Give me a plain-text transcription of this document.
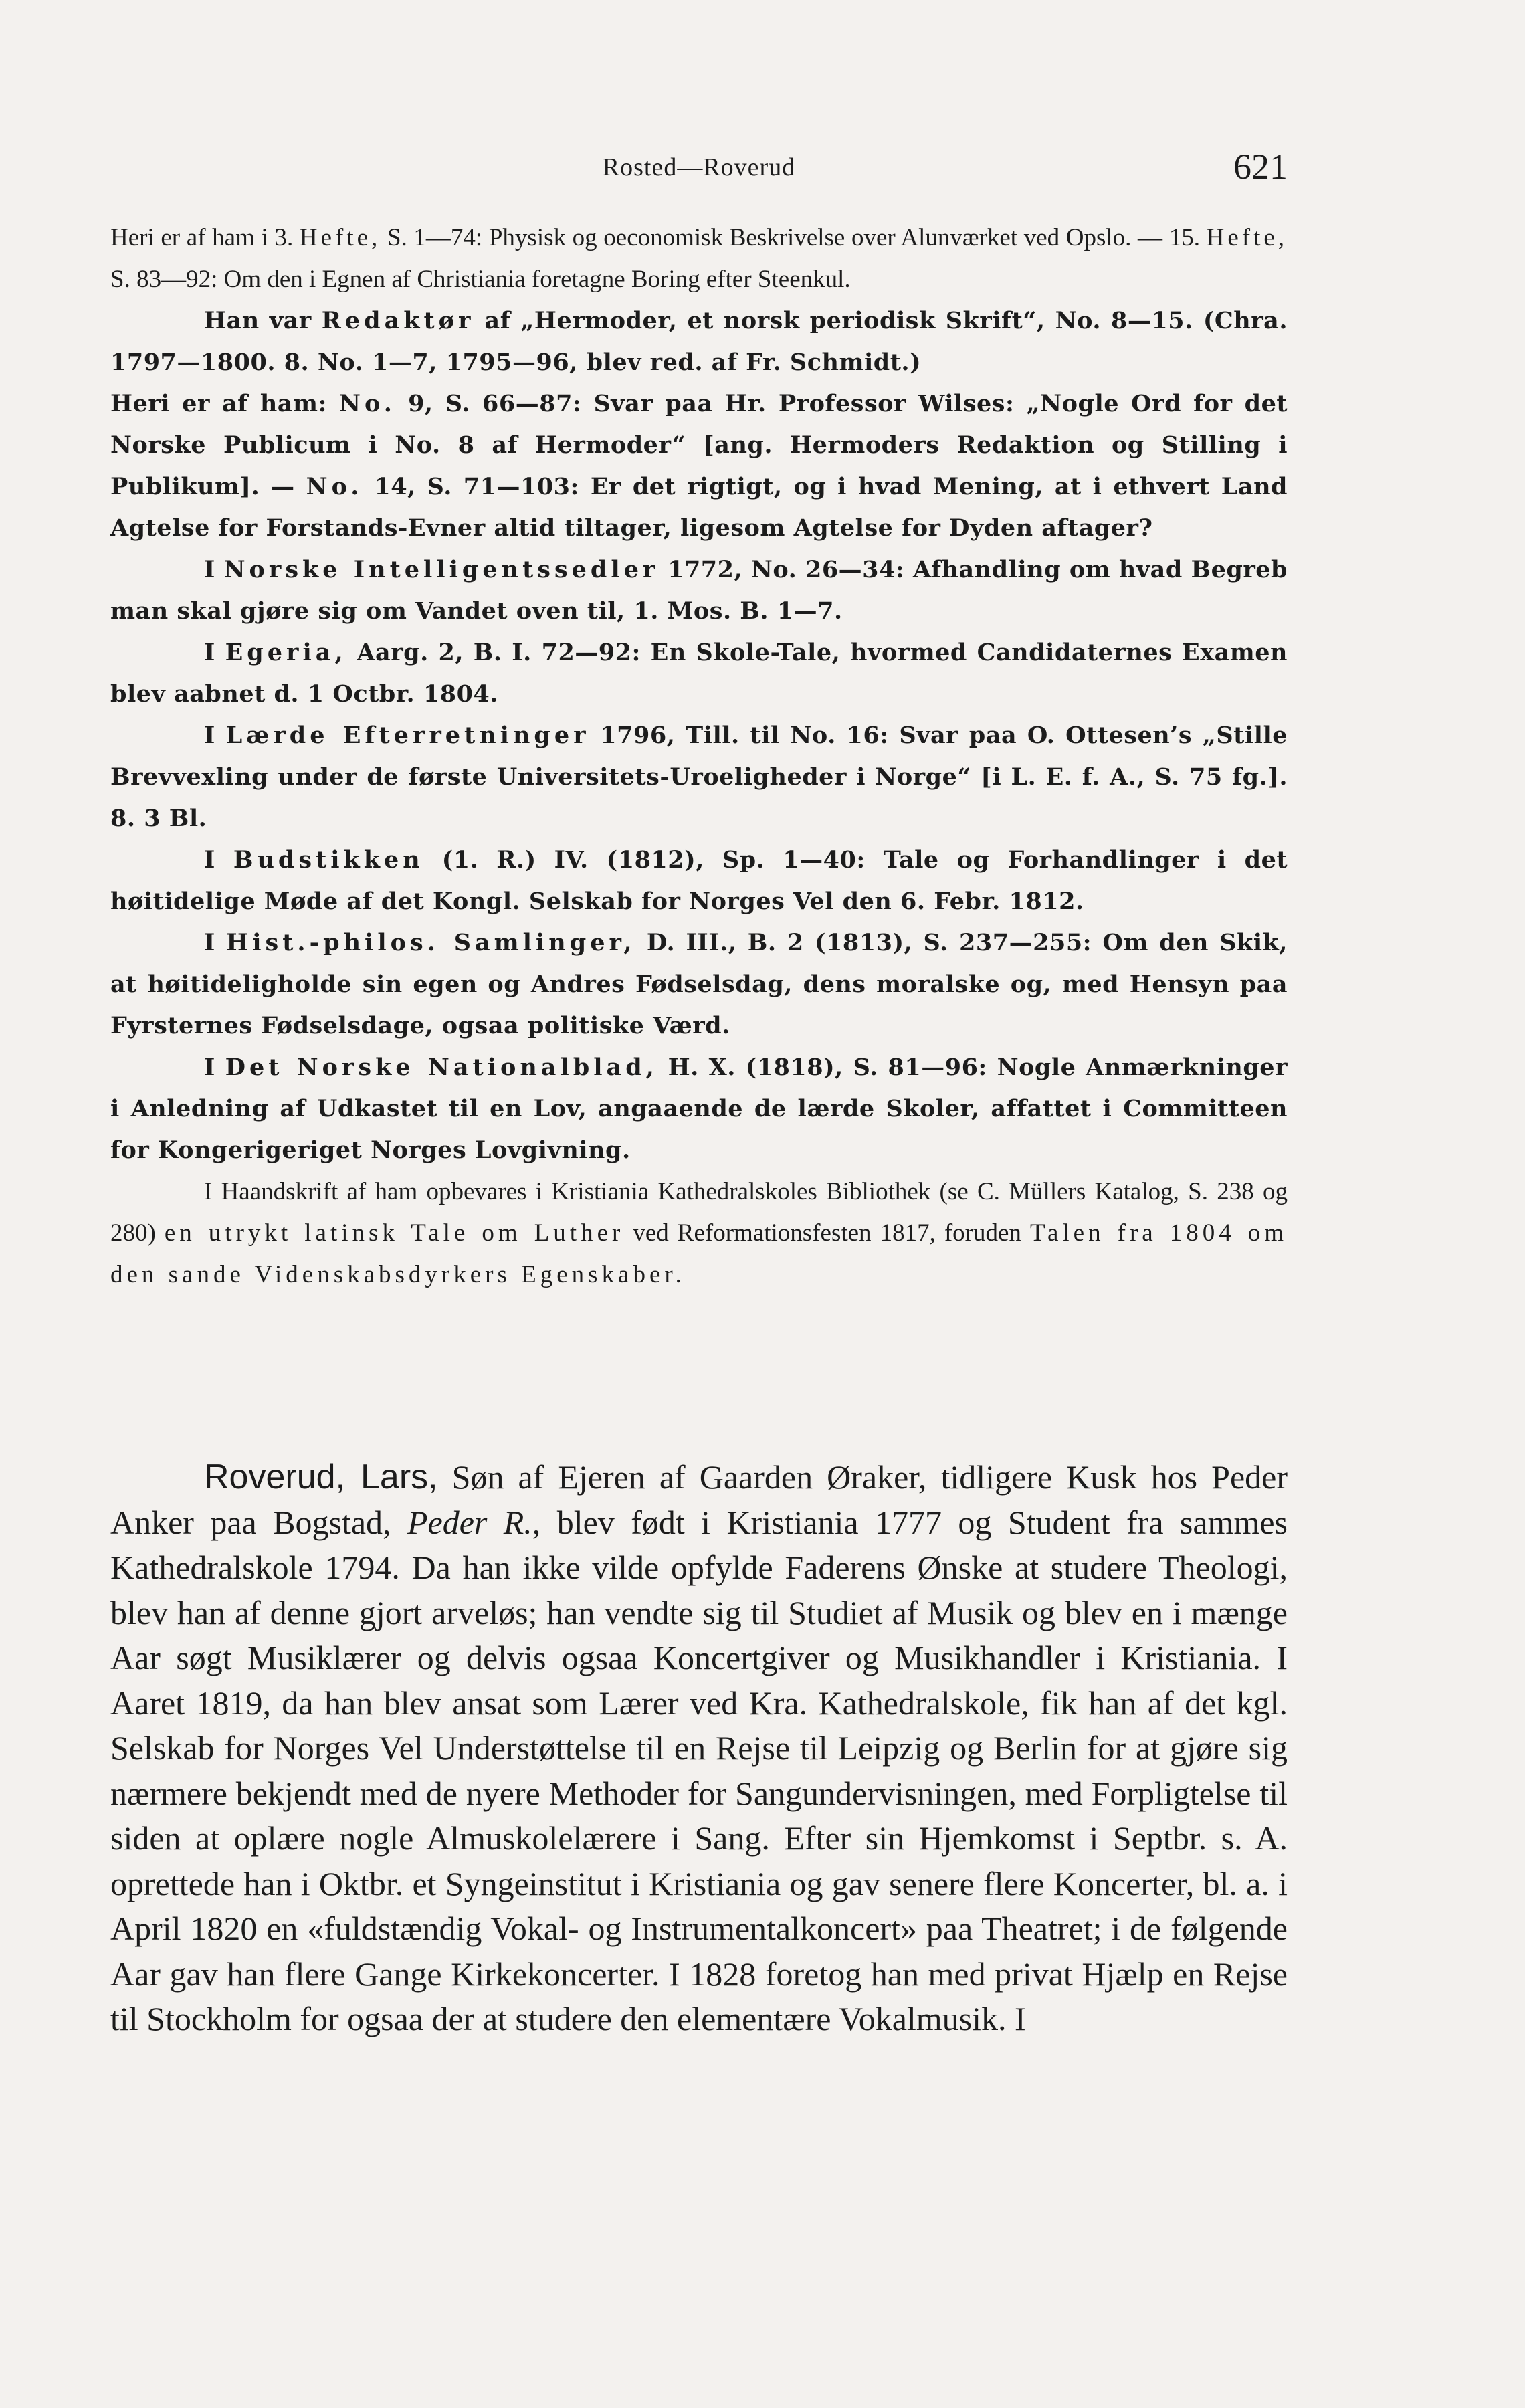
Rosted—Roverud	621

Heri er af ham i 3. Hefte, S. 1—74: Physisk og oeconomisk Beskrivelse over Alunværket ved Opslo. — 15. Hefte, S. 83—92: Om den i Egnen af Christiania foretagne Boring efter Steenkul.

Han var Redaktør af „Hermoder, et norsk periodisk Skrift“, No. 8—15. (Chra. 1797—1800. 8. No. 1—7, 1795—96, blev red. af Fr. Schmidt.)

Heri er af ham: No. 9, S. 66—87: Svar paa Hr. Professor Wilses: „Nogle Ord for det Norske Publicum i No. 8 af Hermoder“ [ang. Hermoders Redaktion og Stilling i Publikum]. — No. 14, S. 71—103: Er det rigtigt, og i hvad Mening, at i ethvert Land Agtelse for Forstands-Evner altid tiltager, ligesom Agtelse for Dyden aftager?

I Norske Intelligentssedler 1772, No. 26—34: Afhandling om hvad Begreb man skal gjøre sig om Vandet oven til, 1. Mos. B. 1—7.

I Egeria, Aarg. 2, B. I. 72—92: En Skole-Tale, hvormed Candidaternes Examen blev aabnet d. 1 Octbr. 1804.

I Lærde Efterretninger 1796, Till. til No. 16: Svar paa O. Ottesen’s „Stille Brevvexling under de første Universitets-Uroeligheder i Norge“ [i L. E. f. A., S. 75 fg.]. 8. 3 Bl.

I Budstikken (1. R.) IV. (1812), Sp. 1—40: Tale og Forhandlinger i det høitidelige Møde af det Kongl. Selskab for Norges Vel den 6. Febr. 1812.

I Hist.-philos. Samlinger, D. III., B. 2 (1813), S. 237—255: Om den Skik, at høitideligholde sin egen og Andres Fødselsdag, dens moralske og, med Hensyn paa Fyrsternes Fødselsdage, ogsaa politiske Værd.

I Det Norske Nationalblad, H. X. (1818), S. 81—96: Nogle Anmærkninger i Anledning af Udkastet til en Lov, angaaende de lærde Skoler, affattet i Committeen for Kongerigeriget Norges Lovgivning.

I Haandskrift af ham opbevares i Kristiania Kathedralskoles Bibliothek (se C. Müllers Katalog, S. 238 og 280) en utrykt latinsk Tale om Luther ved Reformationsfesten 1817, foruden Talen fra 1804 om den sande Videnskabsdyrkers Egenskaber.

Roverud, Lars, Søn af Ejeren af Gaarden Øraker, tidligere Kusk hos Peder Anker paa Bogstad, Peder R., blev født i Kristiania 1777 og Student fra sammes Kathedralskole 1794. Da han ikke vilde opfylde Faderens Ønske at studere Theologi, blev han af denne gjort arveløs; han vendte sig til Studiet af Musik og blev en i mænge Aar søgt Musiklærer og delvis ogsaa Koncertgiver og Musikhandler i Kristiania. I Aaret 1819, da han blev ansat som Lærer ved Kra. Kathedralskole, fik han af det kgl. Selskab for Norges Vel Understøttelse til en Rejse til Leipzig og Berlin for at gjøre sig nærmere bekjendt med de nyere Methoder for Sangundervisningen, med Forpligtelse til siden at oplære nogle Almuskolelærere i Sang. Efter sin Hjemkomst i Septbr. s. A. oprettede han i Oktbr. et Syngeinstitut i Kristiania og gav senere flere Koncerter, bl. a. i April 1820 en «fuldstændig Vokal- og Instrumentalkoncert» paa Theatret; i de følgende Aar gav han flere Gange Kirkekoncerter. I 1828 foretog han med privat Hjælp en Rejse til Stockholm for ogsaa der at studere den elementære Vokalmusik. I
